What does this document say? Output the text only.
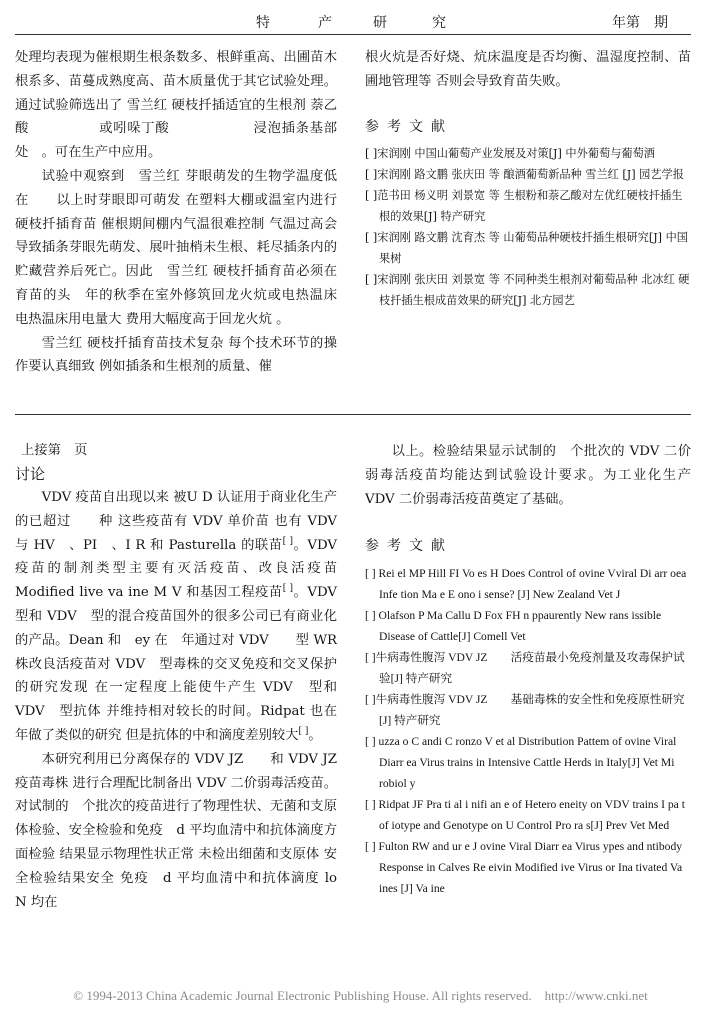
特	产	研	究	年第　期

处理均表现为催根期生根条数多、根鲜重高、出圃苗木根系多、苗蔓成熟度高、苗木质量优于其它试验处理。通过试验筛选出了 雪兰红 硬枝扦插适宜的生根剂 萘乙酸　　　　　或吲哚丁酸　　　　　　浸泡插条基部　　　处　。可在生产中应用。

试验中观察到　雪兰红 芽眼萌发的生物学温度低 在　　以上时芽眼即可萌发 在塑料大棚或温室内进行硬枝扦插育苗 催根期间棚内气温很难控制 气温过高会导致插条芽眼先萌发、展叶抽梢未生根、耗尽插条内的贮藏营养后死亡。因此　雪兰红 硬枝扦插育苗必须在育苗的头　年的秋季在室外修筑回龙火炕或电热温床 电热温床用电量大 费用大幅度高于回龙火炕 。

雪兰红 硬枝扦插育苗技术复杂 每个技术环节的操作要认真细致 例如插条和生根剂的质量、催

根火炕是否好烧、炕床温度是否均衡、温湿度控制、苗圃地管理等 否则会导致育苗失败。

参考文献

[ ]宋润刚 中国山葡萄产业发展及对策[J] 中外葡萄与葡萄酒
[ ]宋润刚 路文鹏 张庆田 等 酿酒葡萄新品种 雪兰红 [J] 园艺学报
[ ]范书田 杨义明 刘景宽 等 生根粉和萘乙酸对左优红硬枝扦插生根的效果[J] 特产研究
[ ]宋润刚 路文鹏 沈育杰 等 山葡萄品种硬枝扦插生根研究[J] 中国果树
[ ]宋润刚 张庆田 刘景宽 等 不同种类生根剂对葡萄品种 北冰红 硬枝扦插生根成苗效果的研究[J] 北方园艺

上接第　页

讨论

VDV 疫苗自出现以来 被U D 认证用于商业化生产的已超过　　种 这些疫苗有 VDV 单价苗 也有 VDV 与 HV　、PI　、I R 和 Pasturella 的联苗[ ]。VDV 疫苗的制剂类型主要有灭活疫苗、改良活疫苗 Modified live va ine M V 和基因工程疫苗[ ]。VDV　型和 VDV　型的混合疫苗国外的很多公司已有商业化的产品。Dean 和　ey 在　年通过对 VDV　　型 WR 株改良活疫苗对 VDV　型毒株的交叉免疫和交叉保护的研究发现 在一定程度上能使牛产生 VDV　型和 VDV　型抗体 并维持相对较长的时间。Ridpat 也在　年做了类似的研究 但是抗体的中和滴度差别较大[ ]。

本研究利用已分离保存的 VDV JZ　　和 VDV JZ　　疫苗毒株 进行合理配比制备出 VDV 二价弱毒活疫苗。对试制的　个批次的疫苗进行了物理性状、无菌和支原体检验、安全检验和免疫　d 平均血清中和抗体滴度方面检验 结果显示物理性状正常 未检出细菌和支原体 安全检验结果安全 免疫　d 平均血清中和抗体滴度 lo　N 均在

以上。检验结果显示试制的　个批次的 VDV 二价弱毒活疫苗均能达到试验设计要求。为工业化生产 VDV 二价弱毒活疫苗奠定了基础。

参考文献

[ ] Rei el MP Hill FI Vo es H Does Control of ovine Vviral Di arr oea Infe tion Ma e E ono i sense? [J] New Zealand Vet J
[ ] Olafson P Ma Callu D Fox FH n ppaurently New rans issible Disease of Cattle[J] Comell Vet
[ ]牛病毒性腹泻 VDV JZ　　活疫苗最小免疫剂量及攻毒保护试验[J] 特产研究
[ ]牛病毒性腹泻 VDV JZ　　基础毒株的安全性和免疫原性研究[J] 特产研究
[ ] uzza o C andi C ronzo V et al Distribution Pattem of ovine Viral Diarr ea Virus trains in Intensive Cattle Herds in Italy[J] Vet Mi robiol y
[ ] Ridpat JF Pra ti al i nifi an e of Hetero eneity on VDV trains I pa t of iotype and Genotype on U Control Pro ra s[J] Prev Vet Med
[ ] Fulton RW and ur e J ovine Viral Diarr ea Virus ypes and ntibody Response in Calves Re eivin Modified ive Virus or Ina tivated Va ines [J] Va ine
© 1994-2013 China Academic Journal Electronic Publishing House. All rights reserved.　http://www.cnki.net
